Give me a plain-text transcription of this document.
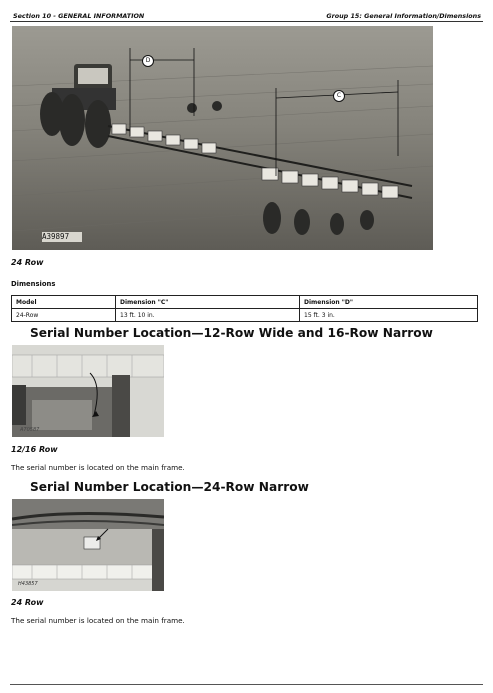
Section 10 - GENERAL INFORMATION	Group 15: General Information/Dimensions
D
C
A39897
24 Row
Dimensions
Model	Dimension "C"	Dimension "D"
24-Row	13 ft. 10 in.	15 ft. 3 in.
Serial Number Location—12-Row Wide and 16-Row Narrow
A70587
12/16 Row
The serial number is located on the main frame.
Serial Number Location—24-Row Narrow
H43857
24 Row
The serial number is located on the main frame.
